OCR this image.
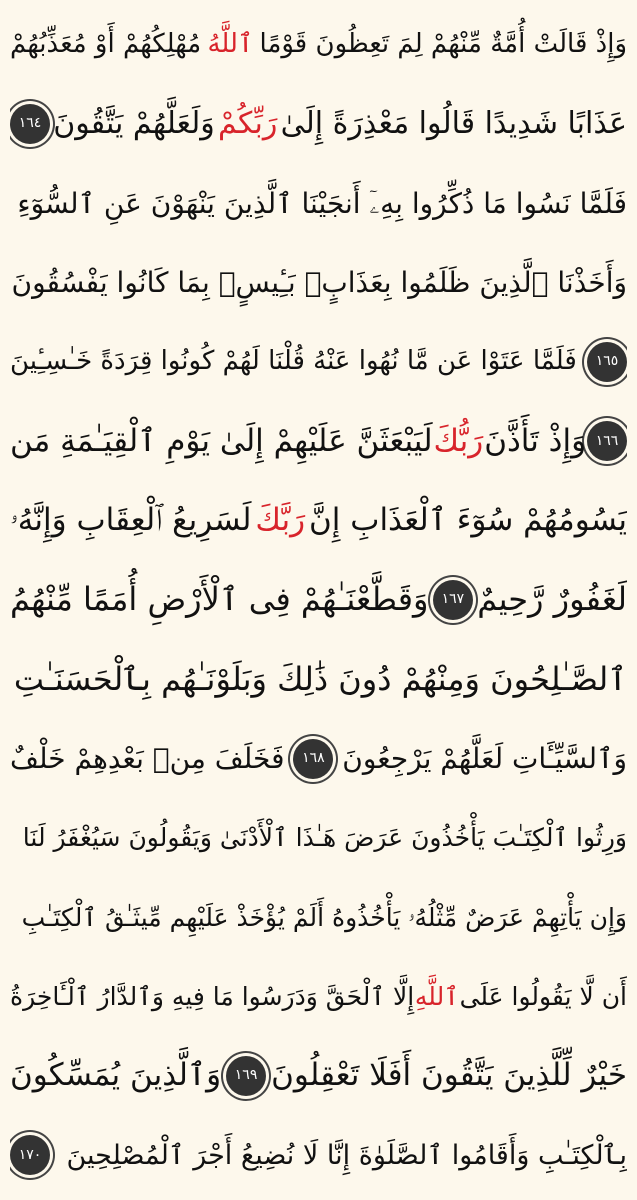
وَإِذْ قَالَتْ أُمَّةٌ مِّنْهُمْ لِمَ تَعِظُونَ قَوْمًا
ٱللَّهُ
مُهْلِكُهُمْ أَوْ مُعَذِّبُهُمْ
عَذَابًا شَدِيدًا قَالُوا مَعْذِرَةً إِلَىٰ
رَبِّكُمْ
وَلَعَلَّهُمْ يَتَّقُونَ
١٦٤
فَلَمَّا نَسُوا مَا ذُكِّرُوا بِهِۦٓ أَنجَيْنَا ٱلَّذِينَ يَنْهَوْنَ عَنِ ٱلسُّوٓءِ
وَأَخَذْنَا ٱلَّذِينَ ظَلَمُوا بِعَذَابٍۭ بَـِٔيسٍۭ بِمَا كَانُوا يَفْسُقُونَ
١٦٥
فَلَمَّا عَتَوْا عَن مَّا نُهُوا عَنْهُ قُلْنَا لَهُمْ كُونُوا قِرَدَةً خَـٰسِـِٔينَ
١٦٦
وَإِذْ تَأَذَّنَ
رَبُّكَ
لَيَبْعَثَنَّ عَلَيْهِمْ إِلَىٰ يَوْمِ ٱلْقِيَـٰمَةِ مَن
يَسُومُهُمْ سُوٓءَ ٱلْعَذَابِ إِنَّ
رَبَّكَ
لَسَرِيعُ ٱلْعِقَابِ وَإِنَّهُۥ
لَغَفُورٌ رَّحِيمٌ
١٦٧
وَقَطَّعْنَـٰهُمْ فِى ٱلْأَرْضِ أُمَمًا مِّنْهُمُ
ٱلصَّـٰلِحُونَ وَمِنْهُمْ دُونَ ذَٰلِكَ وَبَلَوْنَـٰهُم بِٱلْحَسَنَـٰتِ
وَٱلسَّيِّـَٔاتِ لَعَلَّهُمْ يَرْجِعُونَ
١٦٨
فَخَلَفَ مِنۢ بَعْدِهِمْ خَلْفٌ
وَرِثُوا ٱلْكِتَـٰبَ يَأْخُذُونَ عَرَضَ هَـٰذَا ٱلْأَدْنَىٰ وَيَقُولُونَ سَيُغْفَرُ لَنَا
وَإِن يَأْتِهِمْ عَرَضٌ مِّثْلُهُۥ يَأْخُذُوهُ أَلَمْ يُؤْخَذْ عَلَيْهِم مِّيثَـٰقُ ٱلْكِتَـٰبِ
أَن لَّا يَقُولُوا عَلَى
ٱللَّهِ
إِلَّا ٱلْحَقَّ وَدَرَسُوا مَا فِيهِ وَٱلدَّارُ ٱلْـَٔاخِرَةُ
خَيْرٌ لِّلَّذِينَ يَتَّقُونَ أَفَلَا تَعْقِلُونَ
١٦٩
وَٱلَّذِينَ يُمَسِّكُونَ
بِٱلْكِتَـٰبِ وَأَقَامُوا ٱلصَّلَوٰةَ إِنَّا لَا نُضِيعُ أَجْرَ ٱلْمُصْلِحِينَ
١٧٠
